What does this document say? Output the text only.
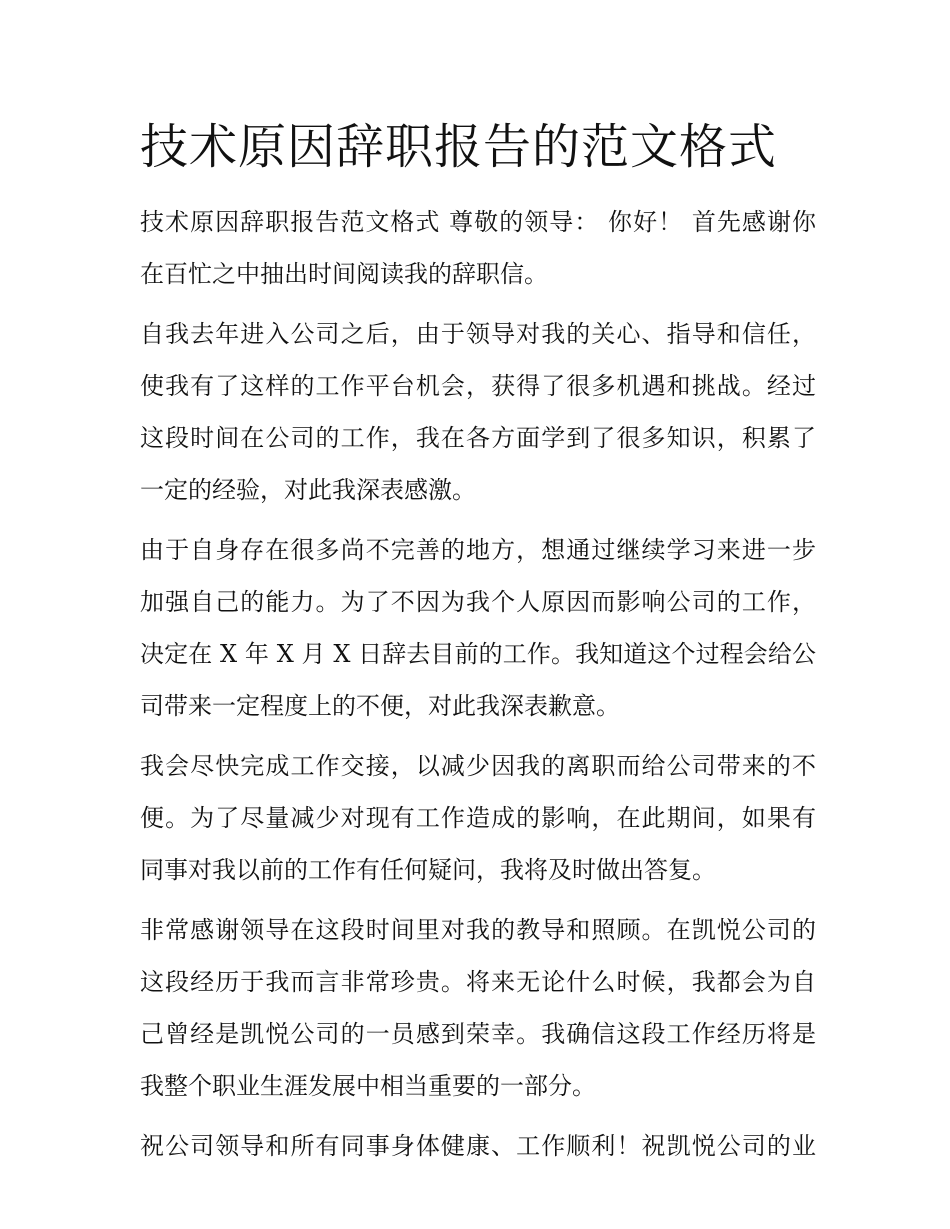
技术原因辞职报告的范文格式

技术原因辞职报告范文格式 尊敬的领导： 你好！ 首先感谢你
在百忙之中抽出时间阅读我的辞职信。

自我去年进入公司之后，由于领导对我的关心、指导和信任，
使我有了这样的工作平台机会，获得了很多机遇和挑战。经过
这段时间在公司的工作，我在各方面学到了很多知识，积累了
一定的经验，对此我深表感激。

由于自身存在很多尚不完善的地方，想通过继续学习来进一步
加强自己的能力。为了不因为我个人原因而影响公司的工作，
决定在 X 年 X 月 X 日辞去目前的工作。我知道这个过程会给公
司带来一定程度上的不便，对此我深表歉意。

我会尽快完成工作交接，以减少因我的离职而给公司带来的不
便。为了尽量减少对现有工作造成的影响，在此期间，如果有
同事对我以前的工作有任何疑问，我将及时做出答复。

非常感谢领导在这段时间里对我的教导和照顾。在凯悦公司的
这段经历于我而言非常珍贵。将来无论什么时候，我都会为自
己曾经是凯悦公司的一员感到荣幸。我确信这段工作经历将是
我整个职业生涯发展中相当重要的一部分。

祝公司领导和所有同事身体健康、工作顺利！祝凯悦公司的业
